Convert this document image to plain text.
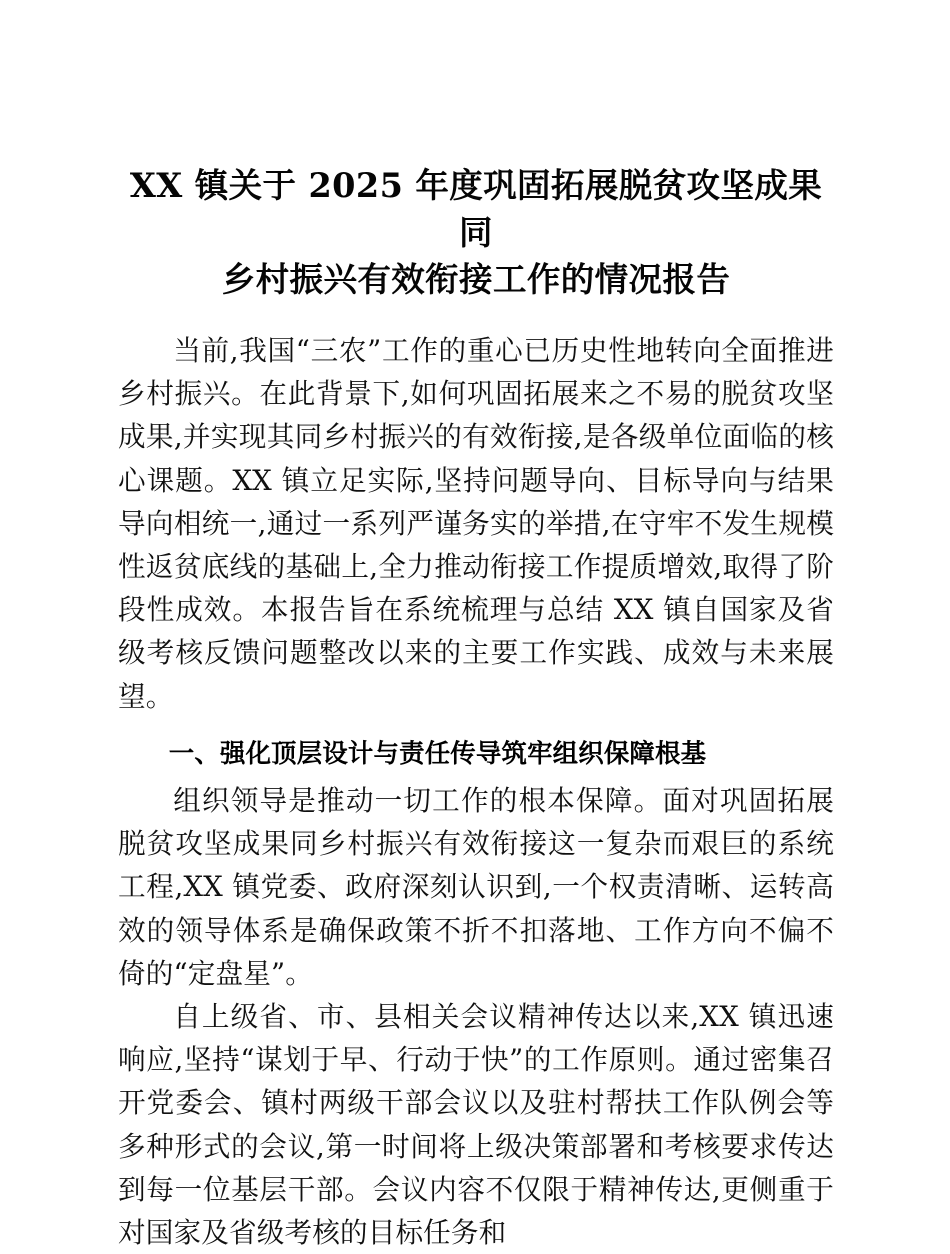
XX 镇关于 2025 年度巩固拓展脱贫攻坚成果同
乡村振兴有效衔接工作的情况报告

当前,我国“三农”工作的重心已历史性地转向全面推进乡村振兴。在此背景下,如何巩固拓展来之不易的脱贫攻坚成果,并实现其同乡村振兴的有效衔接,是各级单位面临的核心课题。XX 镇立足实际,坚持问题导向、目标导向与结果导向相统一,通过一系列严谨务实的举措,在守牢不发生规模性返贫底线的基础上,全力推动衔接工作提质增效,取得了阶段性成效。本报告旨在系统梳理与总结 XX 镇自国家及省级考核反馈问题整改以来的主要工作实践、成效与未来展望。

一、强化顶层设计与责任传导筑牢组织保障根基

组织领导是推动一切工作的根本保障。面对巩固拓展脱贫攻坚成果同乡村振兴有效衔接这一复杂而艰巨的系统工程,XX 镇党委、政府深刻认识到,一个权责清晰、运转高效的领导体系是确保政策不折不扣落地、工作方向不偏不倚的“定盘星”。

自上级省、市、县相关会议精神传达以来,XX 镇迅速响应,坚持“谋划于早、行动于快”的工作原则。通过密集召开党委会、镇村两级干部会议以及驻村帮扶工作队例会等多种形式的会议,第一时间将上级决策部署和考核要求传达到每一位基层干部。会议内容不仅限于精神传达,更侧重于对国家及省级考核的目标任务和
